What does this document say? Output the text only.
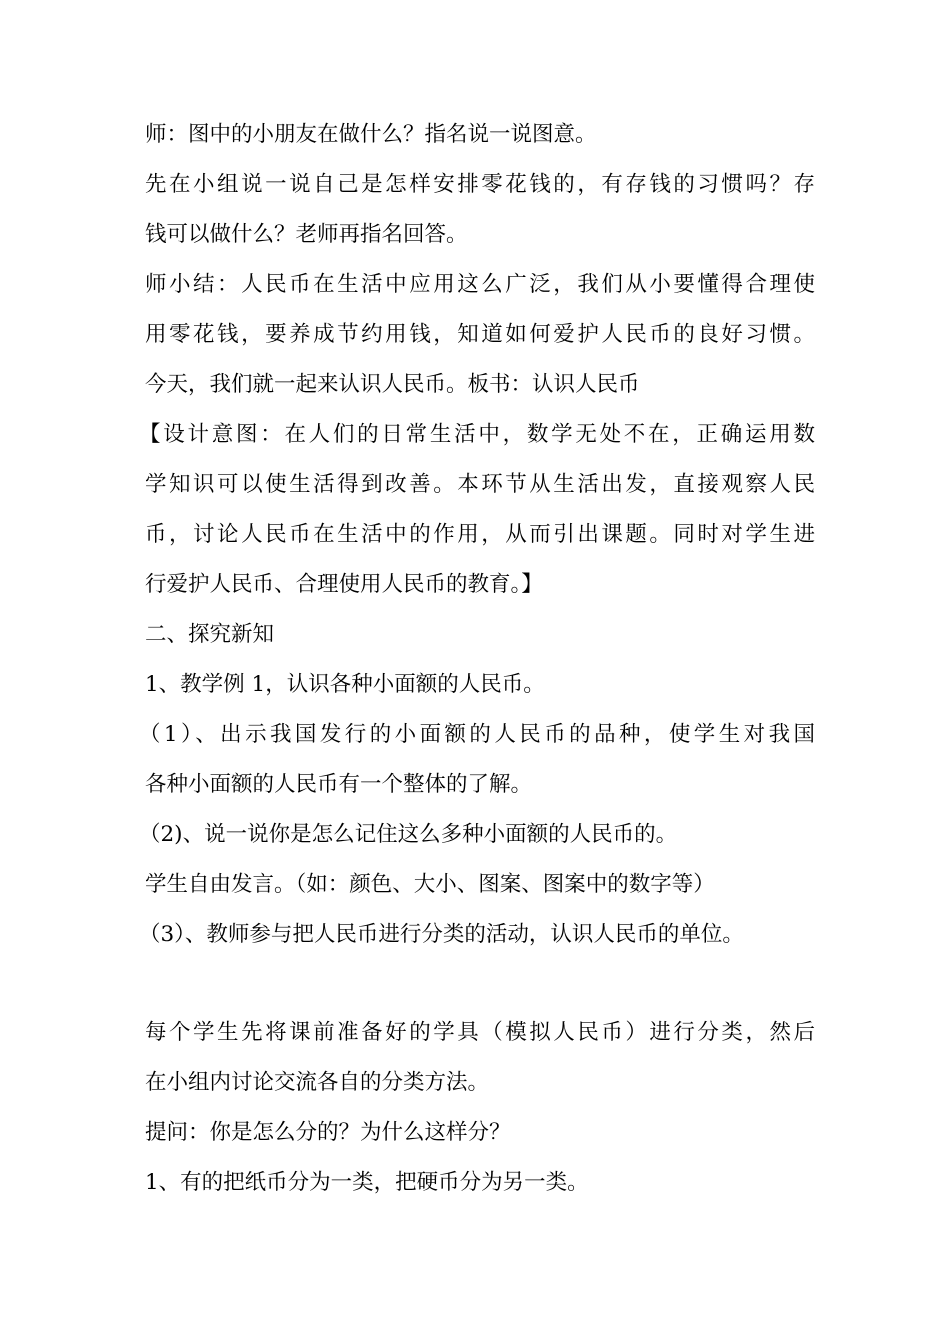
师：图中的小朋友在做什么？指名说一说图意。
先在小组说一说自己是怎样安排零花钱的，有存钱的习惯吗？存
钱可以做什么？老师再指名回答。
师小结：人民币在生活中应用这么广泛，我们从小要懂得合理使
用零花钱，要养成节约用钱，知道如何爱护人民币的良好习惯。
今天，我们就一起来认识人民币。板书：认识人民币
【设计意图：在人们的日常生活中，数学无处不在，正确运用数
学知识可以使生活得到改善。本环节从生活出发，直接观察人民
币，讨论人民币在生活中的作用，从而引出课题。同时对学生进
行爱护人民币、合理使用人民币的教育。】
二、探究新知
1、教学例 1，认识各种小面额的人民币。
（1）、出示我国发行的小面额的人民币的品种，使学生对我国
各种小面额的人民币有一个整体的了解。
（2)、说一说你是怎么记住这么多种小面额的人民币的。
学生自由发言。（如：颜色、大小、图案、图案中的数字等）
（3）、教师参与把人民币进行分类的活动，认识人民币的单位。
每个学生先将课前准备好的学具（模拟人民币）进行分类，然后
在小组内讨论交流各自的分类方法。
提问：你是怎么分的？为什么这样分？
1、有的把纸币分为一类，把硬币分为另一类。
